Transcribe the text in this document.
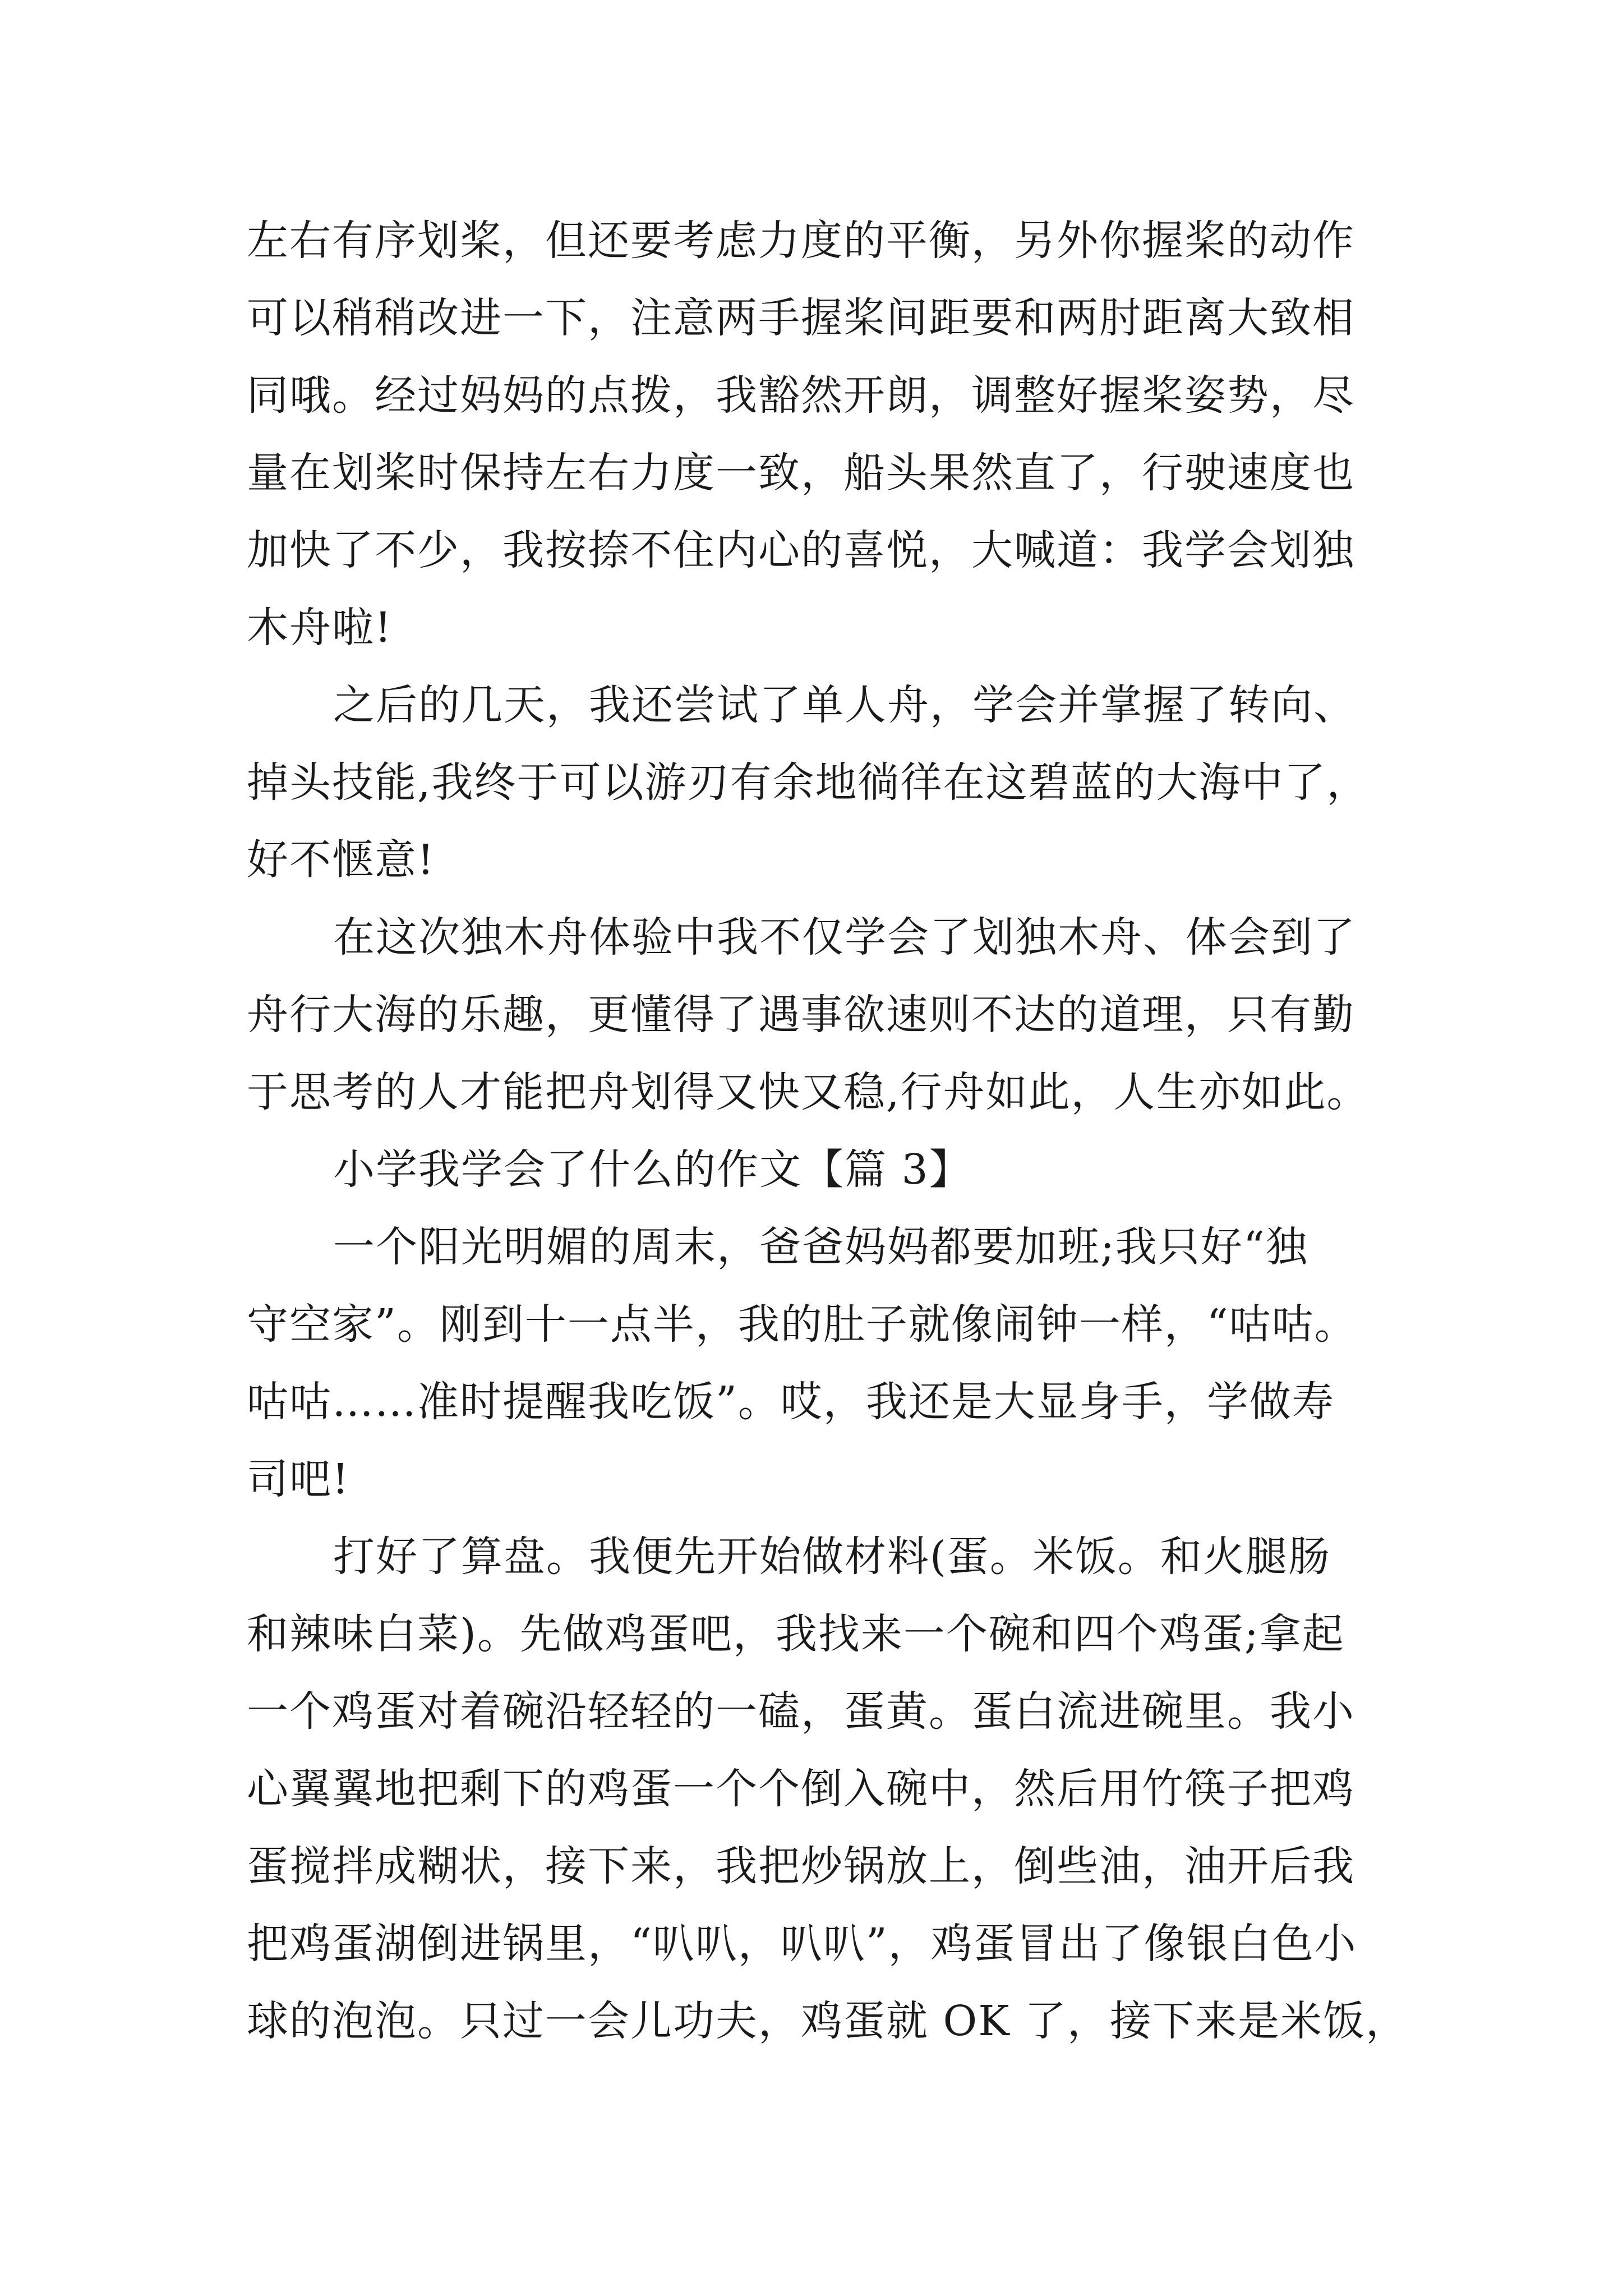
左右有序划桨，但还要考虑力度的平衡，另外你握桨的动作
可以稍稍改进一下，注意两手握桨间距要和两肘距离大致相
同哦。经过妈妈的点拨，我豁然开朗，调整好握桨姿势，尽
量在划桨时保持左右力度一致，船头果然直了，行驶速度也
加快了不少，我按捺不住内心的喜悦，大喊道：我学会划独
木舟啦!
之后的几天，我还尝试了单人舟，学会并掌握了转向、
掉头技能,我终于可以游刃有余地徜徉在这碧蓝的大海中了，
好不惬意!
在这次独木舟体验中我不仅学会了划独木舟、体会到了
舟行大海的乐趣，更懂得了遇事欲速则不达的道理，只有勤
于思考的人才能把舟划得又快又稳,行舟如此，人生亦如此。
小学我学会了什么的作文【篇 3】
一个阳光明媚的周末，爸爸妈妈都要加班;我只好“独
守空家”。刚到十一点半，我的肚子就像闹钟一样，“咕咕。
咕咕……准时提醒我吃饭”。哎，我还是大显身手，学做寿
司吧!
打好了算盘。我便先开始做材料(蛋。米饭。和火腿肠
和辣味白菜)。先做鸡蛋吧，我找来一个碗和四个鸡蛋;拿起
一个鸡蛋对着碗沿轻轻的一磕，蛋黄。蛋白流进碗里。我小
心翼翼地把剩下的鸡蛋一个个倒入碗中，然后用竹筷子把鸡
蛋搅拌成糊状，接下来，我把炒锅放上，倒些油，油开后我
把鸡蛋湖倒进锅里，“叭叭，叭叭”，鸡蛋冒出了像银白色小
球的泡泡。只过一会儿功夫，鸡蛋就 OK 了，接下来是米饭，
